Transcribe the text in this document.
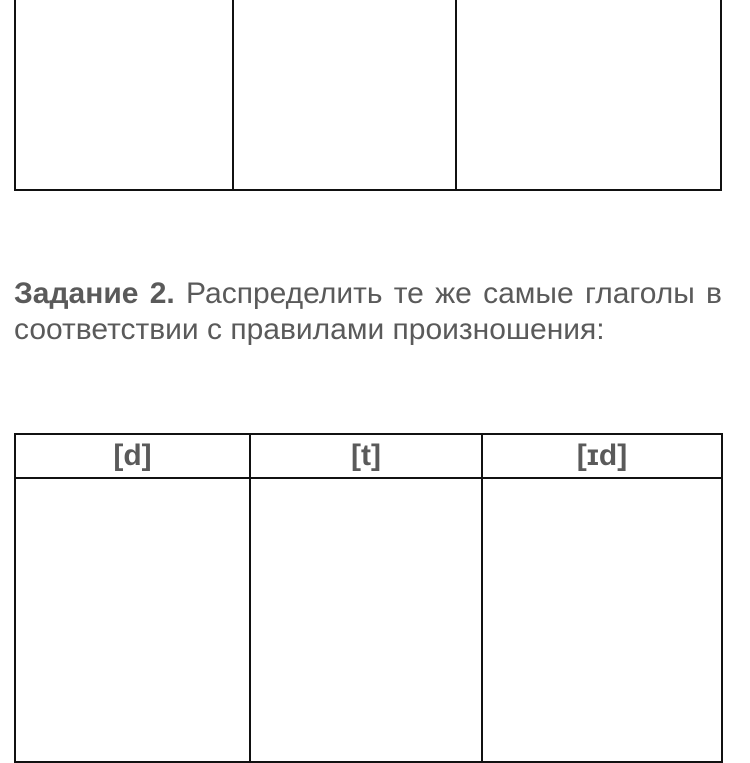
Задание 2. Распределить те же самые глаголы в соответствии с правилами произношения:
[d]	[t]	[ɪd]
